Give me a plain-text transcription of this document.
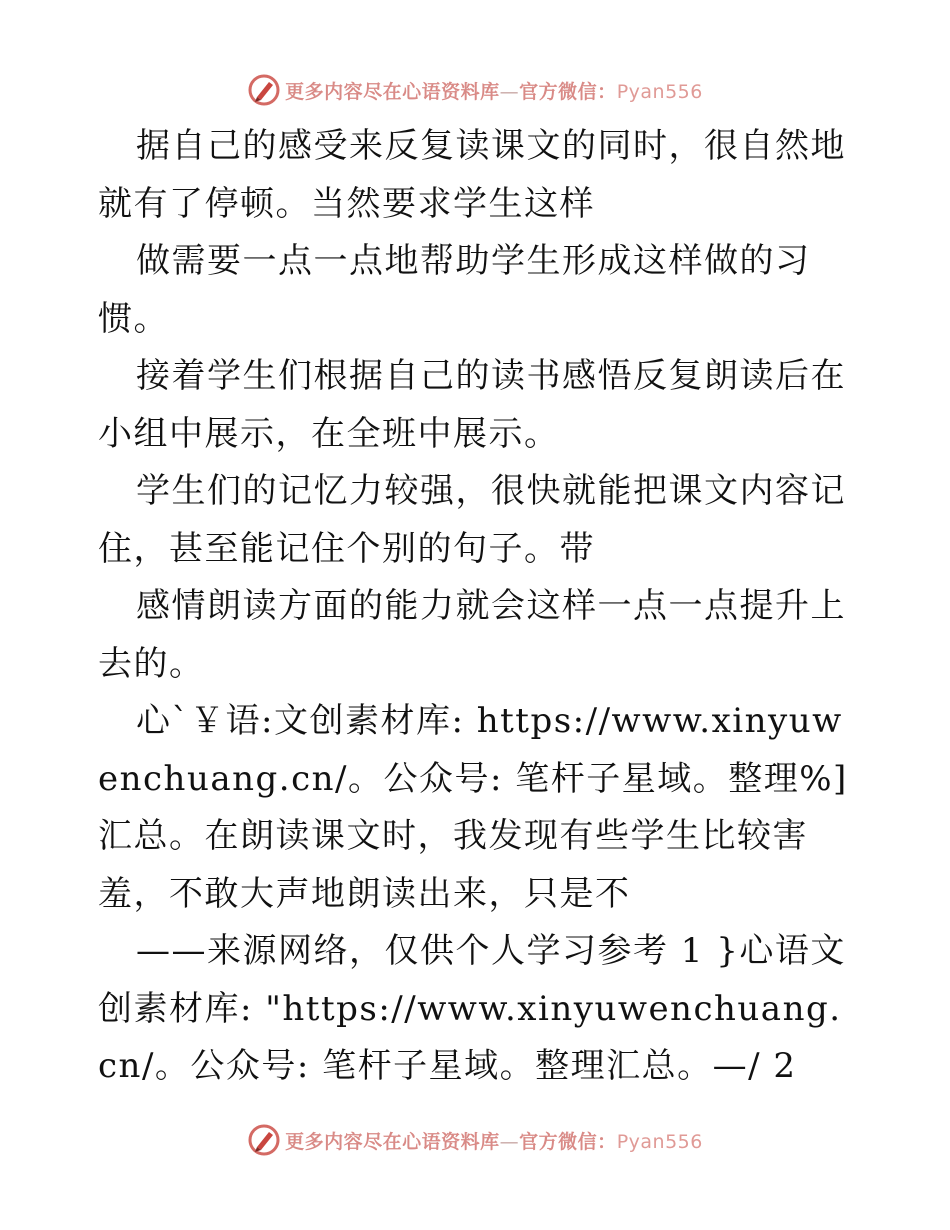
更多内容尽在心语资料库—官方微信：Pyan556

据自己的感受来反复读课文的同时，很自然地就有了停顿。当然要求学生这样

做需要一点一点地帮助学生形成这样做的习惯。

接着学生们根据自己的读书感悟反复朗读后在小组中展示，在全班中展示。

学生们的记忆力较强，很快就能把课文内容记住，甚至能记住个别的句子。带

感情朗读方面的能力就会这样一点一点提升上去的。

心`￥语:文创素材库: https://www.xinyuwenchuang.cn/。公众号: 笔杆子星域。整理%]汇总。在朗读课文时，我发现有些学生比较害羞，不敢大声地朗读出来，只是不

——来源网络，仅供个人学习参考 1 }心语文创素材库: "https://www.xinyuwenchuang.cn/。公众号: 笔杆子星域。整理汇总。—/ 2

更多内容尽在心语资料库—官方微信：Pyan556
